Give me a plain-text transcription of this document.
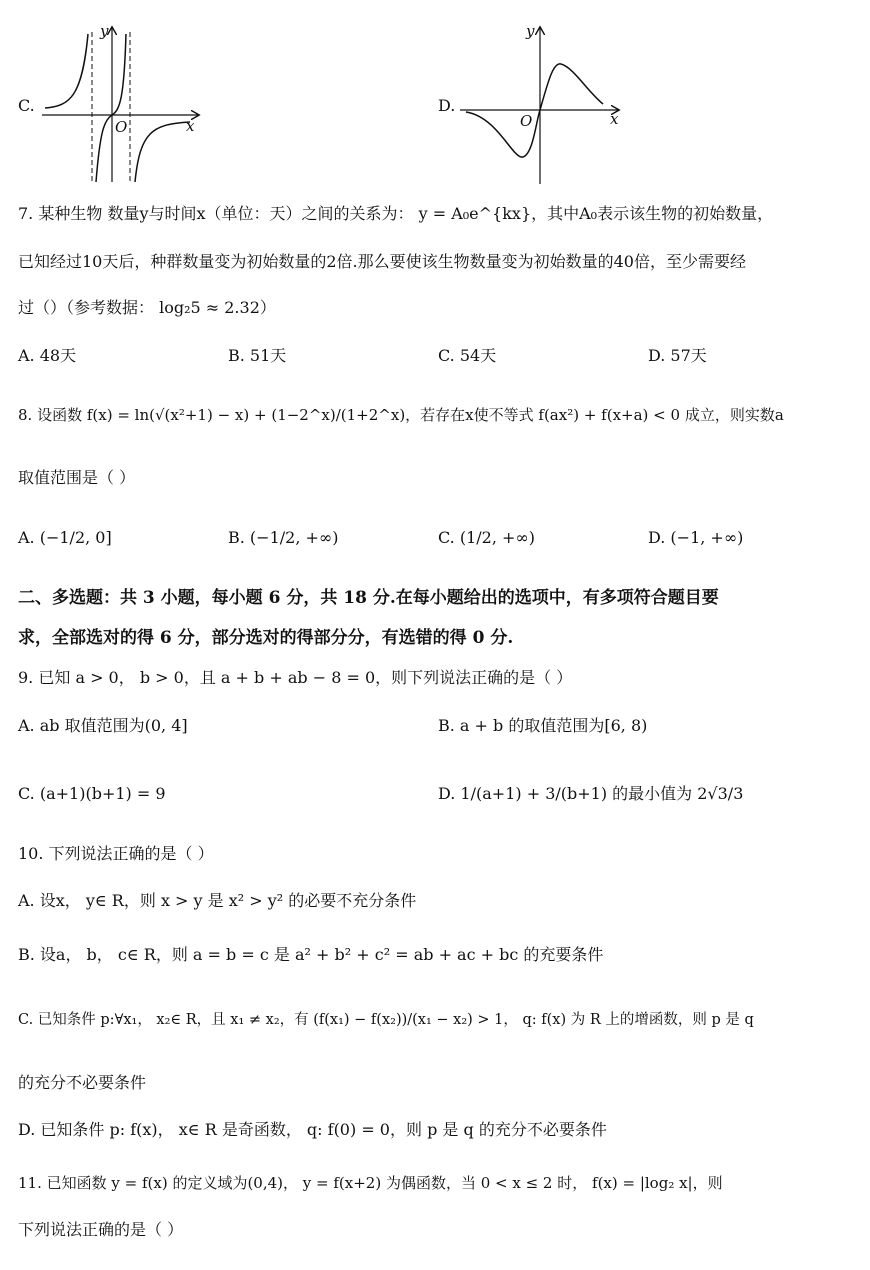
C.
y
x
O
D.
y
x
O
7. 某种生物 数量y与时间x（单位：天）之间的关系为： y = A₀e^{kx}，其中A₀表示该生物的初始数量，
已知经过10天后，种群数量变为初始数量的2倍.那么要使该生物数量变为初始数量的40倍，至少需要经
过（）（参考数据： log₂5 ≈ 2.32）
A. 48天	B. 51天	C. 54天	D. 57天
8. 设函数 f(x) = ln(√(x²+1) − x) + (1−2^x)/(1+2^x)，若存在x使不等式 f(ax²) + f(x+a) < 0 成立，则实数a
取值范围是（ ）
A. (−1/2, 0]	B. (−1/2, +∞)	C. (1/2, +∞)	D. (−1, +∞)
二、多选题：共 3 小题，每小题 6 分，共 18 分.在每小题给出的选项中，有多项符合题目要
求，全部选对的得 6 分，部分选对的得部分分，有选错的得 0 分.
9. 已知 a > 0， b > 0，且 a + b + ab − 8 = 0，则下列说法正确的是（ ）
A. ab 取值范围为(0, 4]	B. a + b 的取值范围为[6, 8)
C. (a+1)(b+1) = 9	D. 1/(a+1) + 3/(b+1) 的最小值为 2√3/3
10. 下列说法正确的是（ ）
A. 设x， y∈ R，则 x > y 是 x² > y² 的必要不充分条件
B. 设a， b， c∈ R，则 a = b = c 是 a² + b² + c² = ab + ac + bc 的充要条件
C. 已知条件 p:∀x₁， x₂∈ R，且 x₁ ≠ x₂，有 (f(x₁) − f(x₂))/(x₁ − x₂) > 1， q: f(x) 为 R 上的增函数，则 p 是 q
的充分不必要条件
D. 已知条件 p: f(x)， x∈ R 是奇函数， q: f(0) = 0，则 p 是 q 的充分不必要条件
11. 已知函数 y = f(x) 的定义域为(0,4)， y = f(x+2) 为偶函数，当 0 < x ≤ 2 时， f(x) = |log₂ x|，则
下列说法正确的是（ ）
